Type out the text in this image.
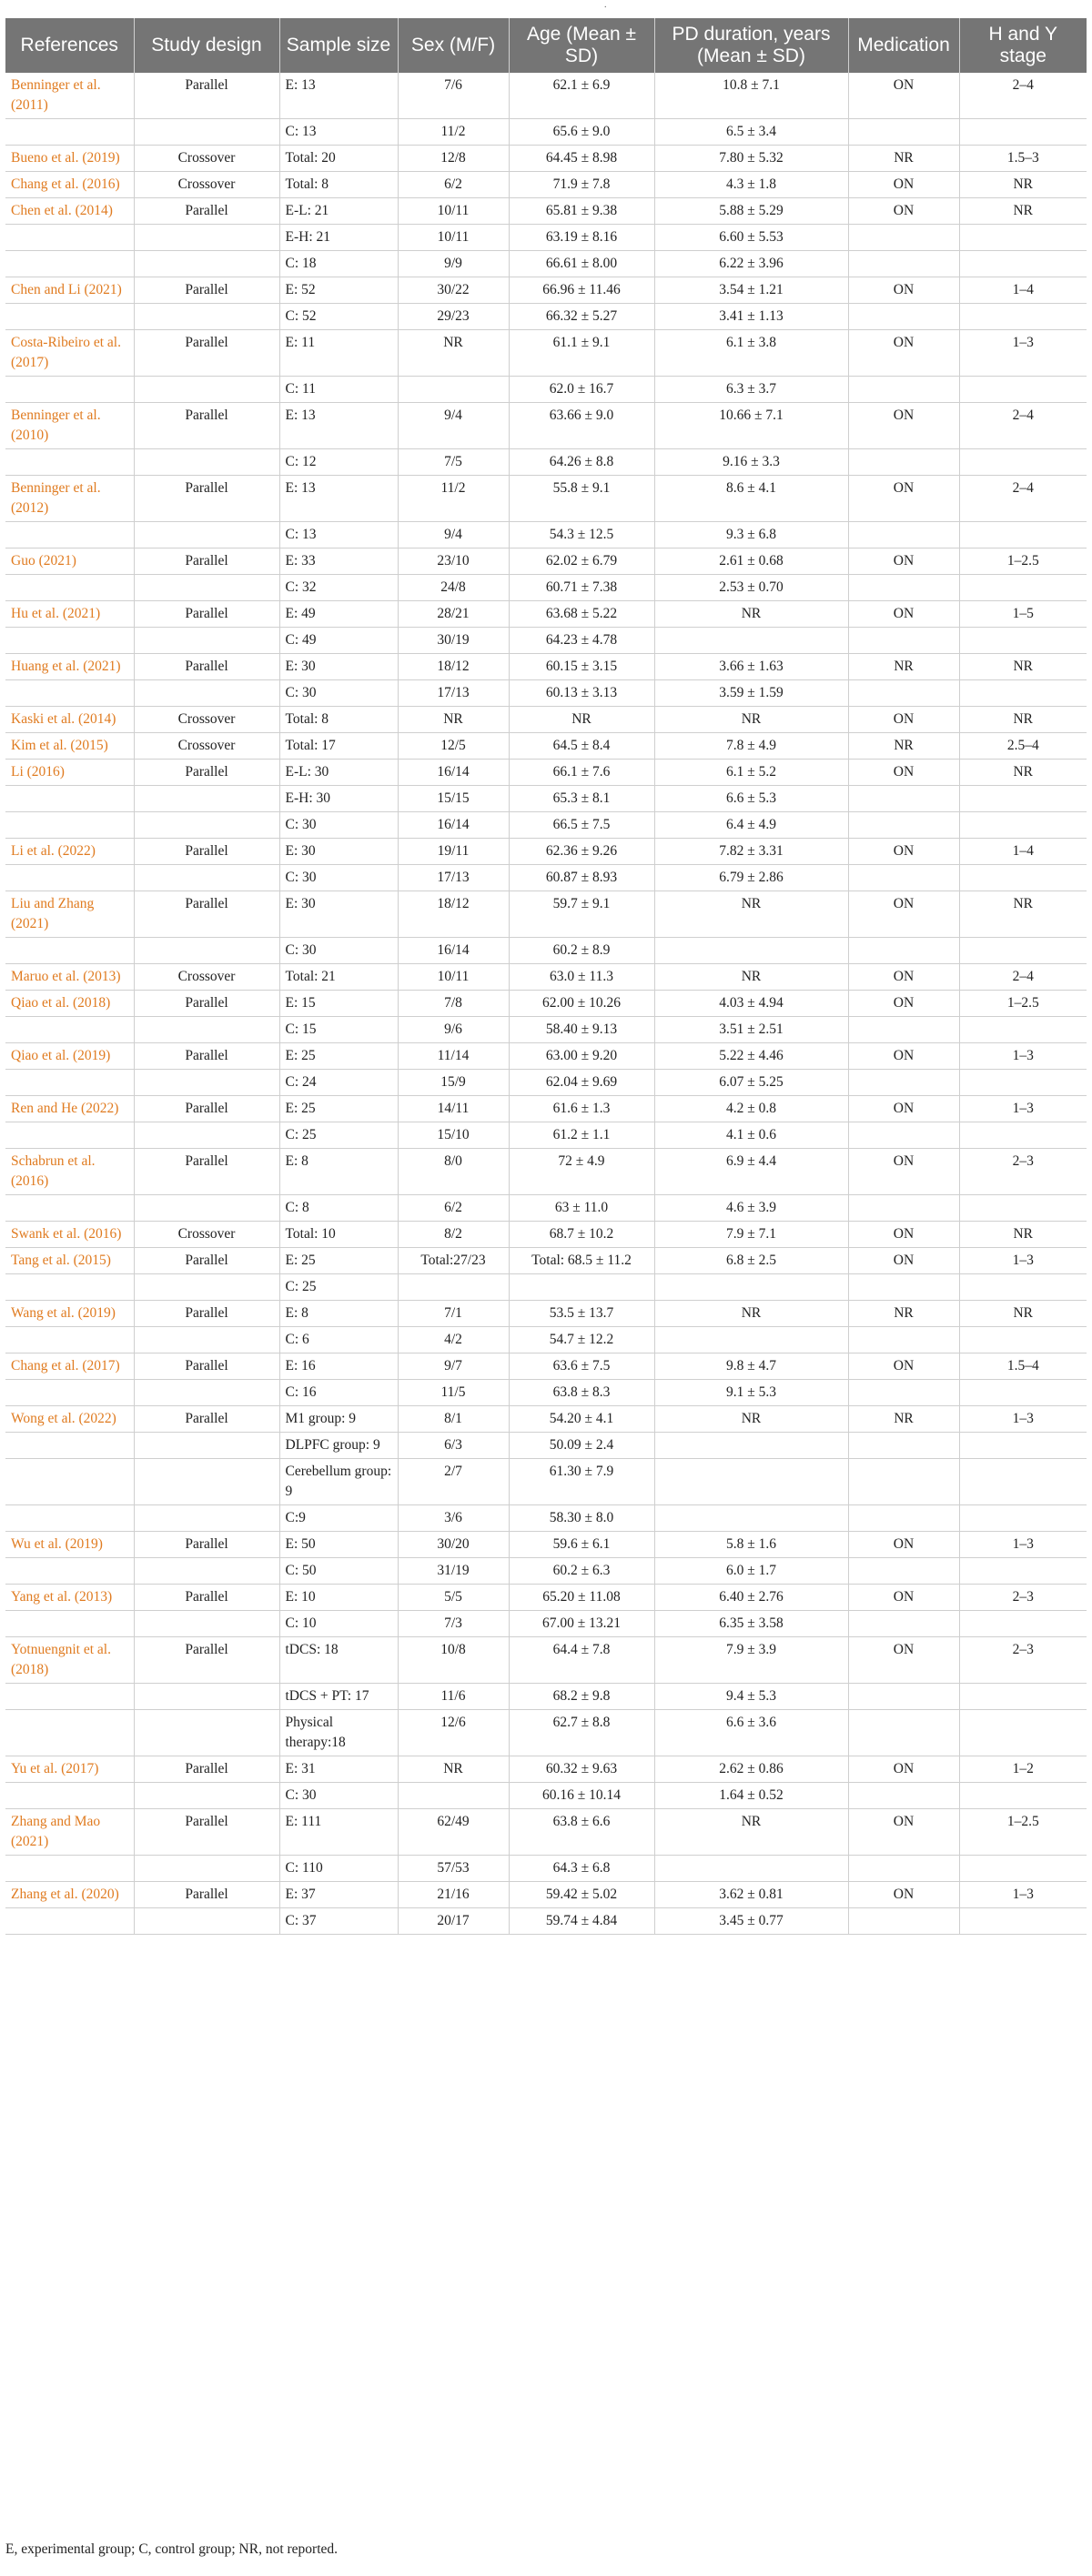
.
References	Study design	Sample size	Sex (M/F)	Age (Mean ± SD)	PD duration, years (Mean ± SD)	Medication	H and Y stage
Benninger et al. (2011)	Parallel	E: 13	7/6	62.1 ± 6.9	10.8 ± 7.1	ON	2–4
		C: 13	11/2	65.6 ± 9.0	6.5 ± 3.4		
Bueno et al. (2019)	Crossover	Total: 20	12/8	64.45 ± 8.98	7.80 ± 5.32	NR	1.5–3
Chang et al. (2016)	Crossover	Total: 8	6/2	71.9 ± 7.8	4.3 ± 1.8	ON	NR
Chen et al. (2014)	Parallel	E-L: 21	10/11	65.81 ± 9.38	5.88 ± 5.29	ON	NR
		E-H: 21	10/11	63.19 ± 8.16	6.60 ± 5.53		
		C: 18	9/9	66.61 ± 8.00	6.22 ± 3.96		
Chen and Li (2021)	Parallel	E: 52	30/22	66.96 ± 11.46	3.54 ± 1.21	ON	1–4
		C: 52	29/23	66.32 ± 5.27	3.41 ± 1.13		
Costa-Ribeiro et al. (2017)	Parallel	E: 11	NR	61.1 ± 9.1	6.1 ± 3.8	ON	1–3
		C: 11		62.0 ± 16.7	6.3 ± 3.7		
Benninger et al. (2010)	Parallel	E: 13	9/4	63.66 ± 9.0	10.66 ± 7.1	ON	2–4
		C: 12	7/5	64.26 ± 8.8	9.16 ± 3.3		
Benninger et al. (2012)	Parallel	E: 13	11/2	55.8 ± 9.1	8.6 ± 4.1	ON	2–4
		C: 13	9/4	54.3 ± 12.5	9.3 ± 6.8		
Guo (2021)	Parallel	E: 33	23/10	62.02 ± 6.79	2.61 ± 0.68	ON	1–2.5
		C: 32	24/8	60.71 ± 7.38	2.53 ± 0.70		
Hu et al. (2021)	Parallel	E: 49	28/21	63.68 ± 5.22	NR	ON	1–5
		C: 49	30/19	64.23 ± 4.78			
Huang et al. (2021)	Parallel	E: 30	18/12	60.15 ± 3.15	3.66 ± 1.63	NR	NR
		C: 30	17/13	60.13 ± 3.13	3.59 ± 1.59		
Kaski et al. (2014)	Crossover	Total: 8	NR	NR	NR	ON	NR
Kim et al. (2015)	Crossover	Total: 17	12/5	64.5 ± 8.4	7.8 ± 4.9	NR	2.5–4
Li (2016)	Parallel	E-L: 30	16/14	66.1 ± 7.6	6.1 ± 5.2	ON	NR
		E-H: 30	15/15	65.3 ± 8.1	6.6 ± 5.3		
		C: 30	16/14	66.5 ± 7.5	6.4 ± 4.9		
Li et al. (2022)	Parallel	E: 30	19/11	62.36 ± 9.26	7.82 ± 3.31	ON	1–4
		C: 30	17/13	60.87 ± 8.93	6.79 ± 2.86		
Liu and Zhang (2021)	Parallel	E: 30	18/12	59.7 ± 9.1	NR	ON	NR
		C: 30	16/14	60.2 ± 8.9			
Maruo et al. (2013)	Crossover	Total: 21	10/11	63.0 ± 11.3	NR	ON	2–4
Qiao et al. (2018)	Parallel	E: 15	7/8	62.00 ± 10.26	4.03 ± 4.94	ON	1–2.5
		C: 15	9/6	58.40 ± 9.13	3.51 ± 2.51		
Qiao et al. (2019)	Parallel	E: 25	11/14	63.00 ± 9.20	5.22 ± 4.46	ON	1–3
		C: 24	15/9	62.04 ± 9.69	6.07 ± 5.25		
Ren and He (2022)	Parallel	E: 25	14/11	61.6 ± 1.3	4.2 ± 0.8	ON	1–3
		C: 25	15/10	61.2 ± 1.1	4.1 ± 0.6		
Schabrun et al. (2016)	Parallel	E: 8	8/0	72 ± 4.9	6.9 ± 4.4	ON	2–3
		C: 8	6/2	63 ± 11.0	4.6 ± 3.9		
Swank et al. (2016)	Crossover	Total: 10	8/2	68.7 ± 10.2	7.9 ± 7.1	ON	NR
Tang et al. (2015)	Parallel	E: 25	Total:27/23	Total: 68.5 ± 11.2	6.8 ± 2.5	ON	1–3
		C: 25					
Wang et al. (2019)	Parallel	E: 8	7/1	53.5 ± 13.7	NR	NR	NR
		C: 6	4/2	54.7 ± 12.2			
Chang et al. (2017)	Parallel	E: 16	9/7	63.6 ± 7.5	9.8 ± 4.7	ON	1.5–4
		C: 16	11/5	63.8 ± 8.3	9.1 ± 5.3		
Wong et al. (2022)	Parallel	M1 group: 9	8/1	54.20 ± 4.1	NR	NR	1–3
		DLPFC group: 9	6/3	50.09 ± 2.4			
		Cerebellum group: 9	2/7	61.30 ± 7.9			
		C:9	3/6	58.30 ± 8.0			
Wu et al. (2019)	Parallel	E: 50	30/20	59.6 ± 6.1	5.8 ± 1.6	ON	1–3
		C: 50	31/19	60.2 ± 6.3	6.0 ± 1.7		
Yang et al. (2013)	Parallel	E: 10	5/5	65.20 ± 11.08	6.40 ± 2.76	ON	2–3
		C: 10	7/3	67.00 ± 13.21	6.35 ± 3.58		
Yotnuengnit et al. (2018)	Parallel	tDCS: 18	10/8	64.4 ± 7.8	7.9 ± 3.9	ON	2–3
		tDCS + PT: 17	11/6	68.2 ± 9.8	9.4 ± 5.3		
		Physical therapy:18	12/6	62.7 ± 8.8	6.6 ± 3.6		
Yu et al. (2017)	Parallel	E: 31	NR	60.32 ± 9.63	2.62 ± 0.86	ON	1–2
		C: 30		60.16 ± 10.14	1.64 ± 0.52		
Zhang and Mao (2021)	Parallel	E: 111	62/49	63.8 ± 6.6	NR	ON	1–2.5
		C: 110	57/53	64.3 ± 6.8			
Zhang et al. (2020)	Parallel	E: 37	21/16	59.42 ± 5.02	3.62 ± 0.81	ON	1–3
		C: 37	20/17	59.74 ± 4.84	3.45 ± 0.77		
E, experimental group; C, control group; NR, not reported.
